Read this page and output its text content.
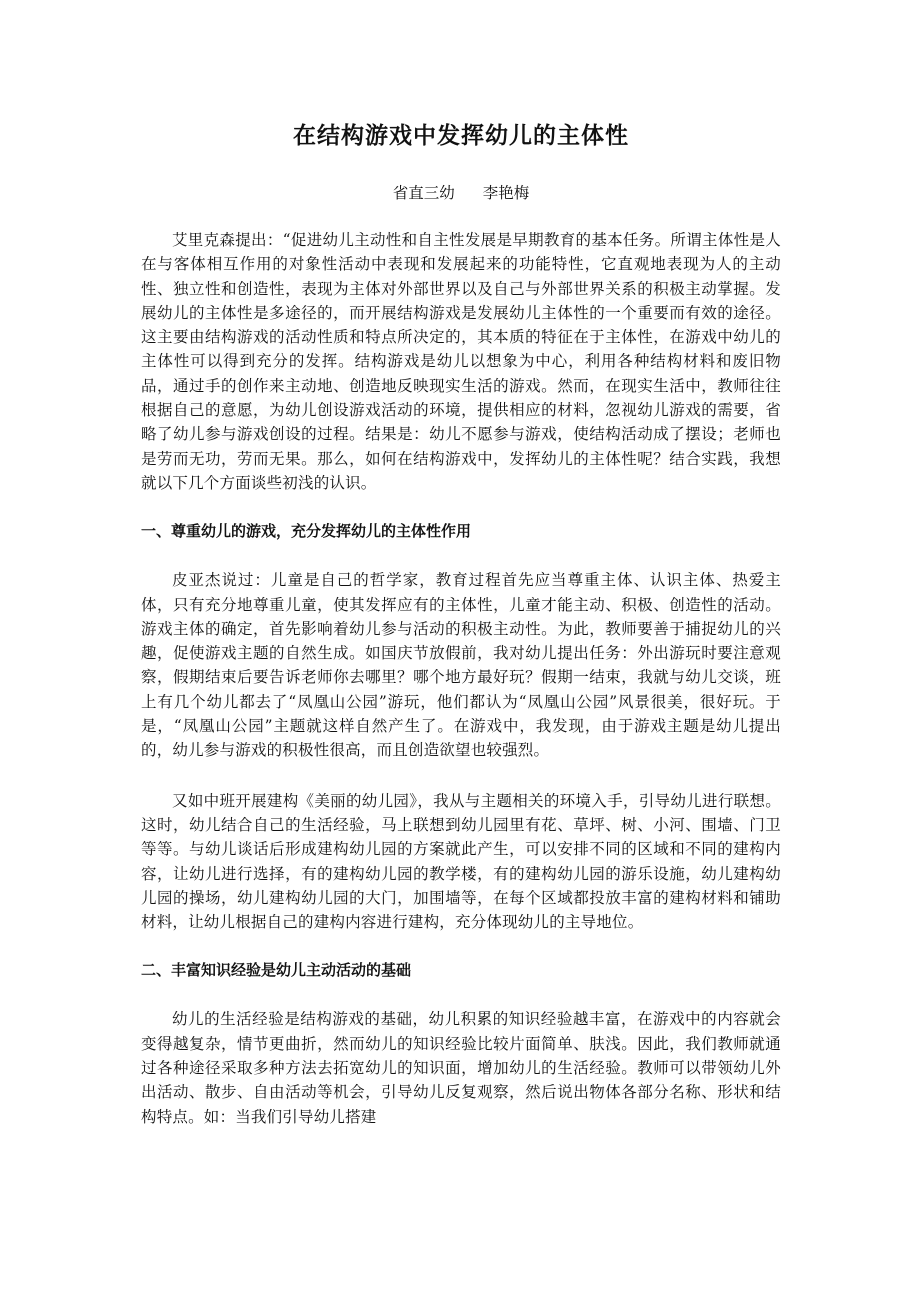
在结构游戏中发挥幼儿的主体性
省直三幼 李艳梅

艾里克森提出：“促进幼儿主动性和自主性发展是早期教育的基本任务。所谓主体性是人在与客体相互作用的对象性活动中表现和发展起来的功能特性，它直观地表现为人的主动性、独立性和创造性，表现为主体对外部世界以及自己与外部世界关系的积极主动掌握。发展幼儿的主体性是多途径的，而开展结构游戏是发展幼儿主体性的一个重要而有效的途径。这主要由结构游戏的活动性质和特点所决定的，其本质的特征在于主体性，在游戏中幼儿的主体性可以得到充分的发挥。结构游戏是幼儿以想象为中心，利用各种结构材料和废旧物品，通过手的创作来主动地、创造地反映现实生活的游戏。然而，在现实生活中，教师往往根据自己的意愿，为幼儿创设游戏活动的环境，提供相应的材料，忽视幼儿游戏的需要，省略了幼儿参与游戏创设的过程。结果是：幼儿不愿参与游戏，使结构活动成了摆设；老师也是劳而无功，劳而无果。那么，如何在结构游戏中，发挥幼儿的主体性呢？结合实践，我想就以下几个方面谈些初浅的认识。

一、尊重幼儿的游戏，充分发挥幼儿的主体性作用

皮亚杰说过：儿童是自己的哲学家，教育过程首先应当尊重主体、认识主体、热爱主体，只有充分地尊重儿童，使其发挥应有的主体性，儿童才能主动、积极、创造性的活动。游戏主体的确定，首先影响着幼儿参与活动的积极主动性。为此，教师要善于捕捉幼儿的兴趣，促使游戏主题的自然生成。如国庆节放假前，我对幼儿提出任务：外出游玩时要注意观察，假期结束后要告诉老师你去哪里？哪个地方最好玩？假期一结束，我就与幼儿交谈，班上有几个幼儿都去了“凤凰山公园”游玩，他们都认为“凤凰山公园”风景很美，很好玩。于是，“凤凰山公园”主题就这样自然产生了。在游戏中，我发现，由于游戏主题是幼儿提出的，幼儿参与游戏的积极性很高，而且创造欲望也较强烈。

又如中班开展建构《美丽的幼儿园》，我从与主题相关的环境入手，引导幼儿进行联想。这时，幼儿结合自己的生活经验，马上联想到幼儿园里有花、草坪、树、小河、围墙、门卫等等。与幼儿谈话后形成建构幼儿园的方案就此产生，可以安排不同的区域和不同的建构内容，让幼儿进行选择，有的建构幼儿园的教学楼，有的建构幼儿园的游乐设施，幼儿建构幼儿园的操场，幼儿建构幼儿园的大门，加围墙等，在每个区域都投放丰富的建构材料和铺助材料，让幼儿根据自己的建构内容进行建构，充分体现幼儿的主导地位。

二、丰富知识经验是幼儿主动活动的基础

幼儿的生活经验是结构游戏的基础，幼儿积累的知识经验越丰富，在游戏中的内容就会变得越复杂，情节更曲折，然而幼儿的知识经验比较片面简单、肤浅。因此，我们教师就通过各种途径采取多种方法去拓宽幼儿的知识面，增加幼儿的生活经验。教师可以带领幼儿外出活动、散步、自由活动等机会，引导幼儿反复观察，然后说出物体各部分名称、形状和结构特点。如：当我们引导幼儿搭建
